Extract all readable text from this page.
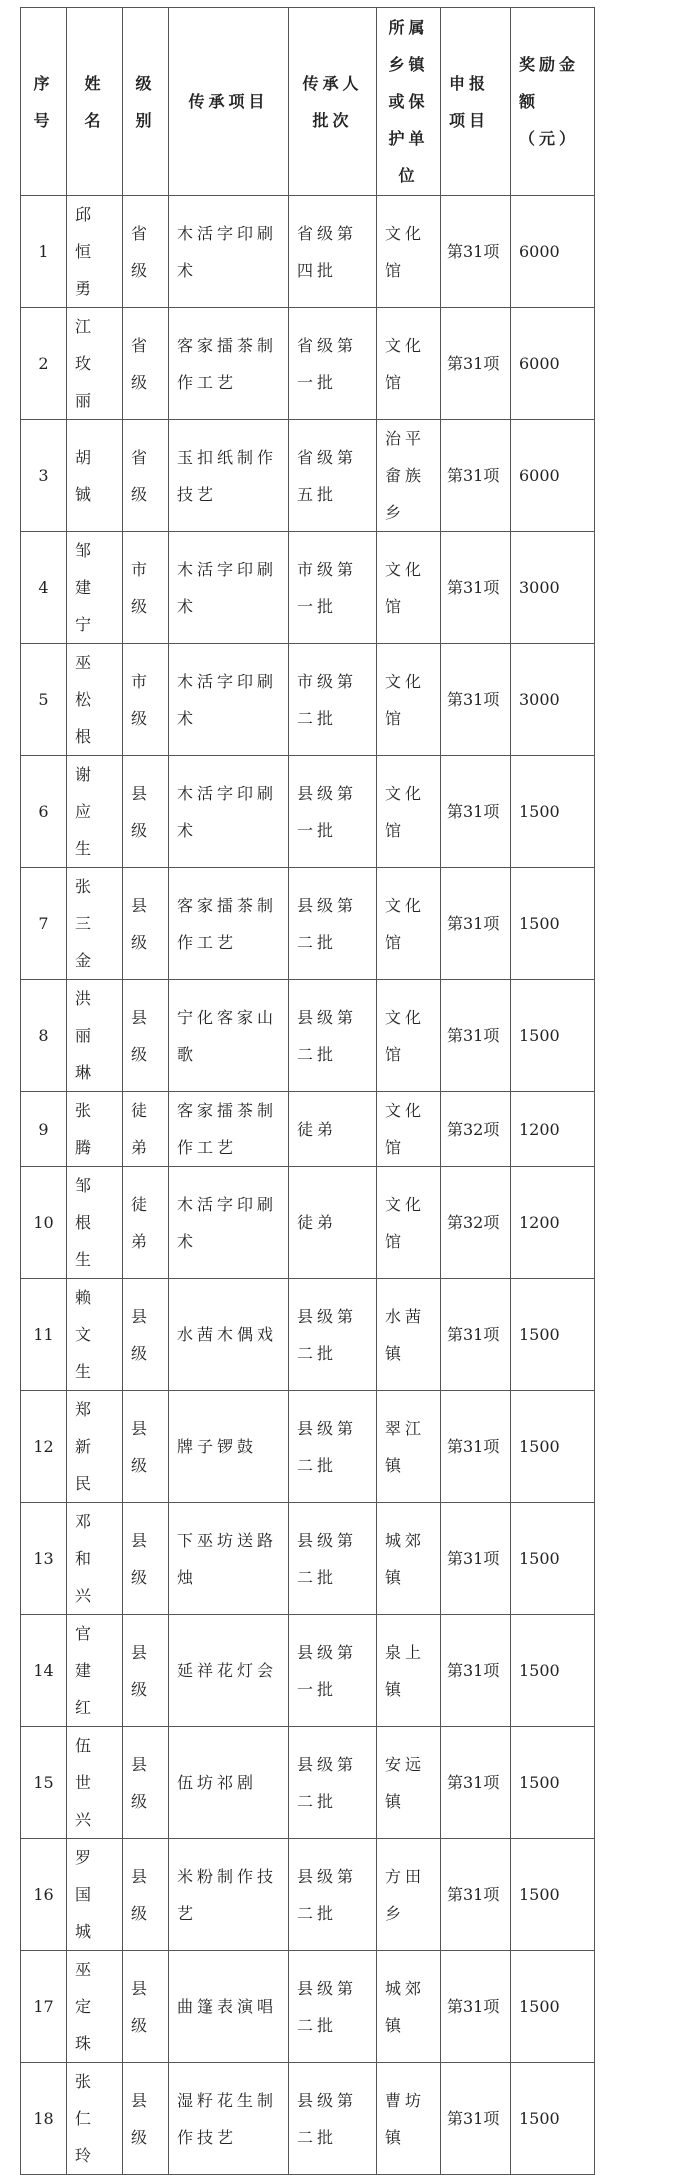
序号	姓名	级别	传承项目	传承人批次	所属乡镇或保护单位	申报项目	奖励金额（元）
1	邱恒勇	省级	木活字印刷术	省级第四批	文化馆	第31项	6000
2	江玫丽	省级	客家擂茶制作工艺	省级第一批	文化馆	第31项	6000
3	胡铖	省级	玉扣纸制作技艺	省级第五批	治平畲族乡	第31项	6000
4	邹建宁	市级	木活字印刷术	市级第一批	文化馆	第31项	3000
5	巫松根	市级	木活字印刷术	市级第二批	文化馆	第31项	3000
6	谢应生	县级	木活字印刷术	县级第一批	文化馆	第31项	1500
7	张三金	县级	客家擂茶制作工艺	县级第二批	文化馆	第31项	1500
8	洪丽琳	县级	宁化客家山歌	县级第二批	文化馆	第31项	1500
9	张腾	徒弟	客家擂茶制作工艺	徒弟	文化馆	第32项	1200
10	邹根生	徒弟	木活字印刷术	徒弟	文化馆	第32项	1200
11	赖文生	县级	水茜木偶戏	县级第二批	水茜镇	第31项	1500
12	郑新民	县级	牌子锣鼓	县级第二批	翠江镇	第31项	1500
13	邓和兴	县级	下巫坊送路烛	县级第二批	城郊镇	第31项	1500
14	官建红	县级	延祥花灯会	县级第一批	泉上镇	第31项	1500
15	伍世兴	县级	伍坊祁剧	县级第二批	安远镇	第31项	1500
16	罗国城	县级	米粉制作技艺	县级第二批	方田乡	第31项	1500
17	巫定珠	县级	曲篷表演唱	县级第二批	城郊镇	第31项	1500
18	张仁玲	县级	湿籽花生制作技艺	县级第二批	曹坊镇	第31项	1500
